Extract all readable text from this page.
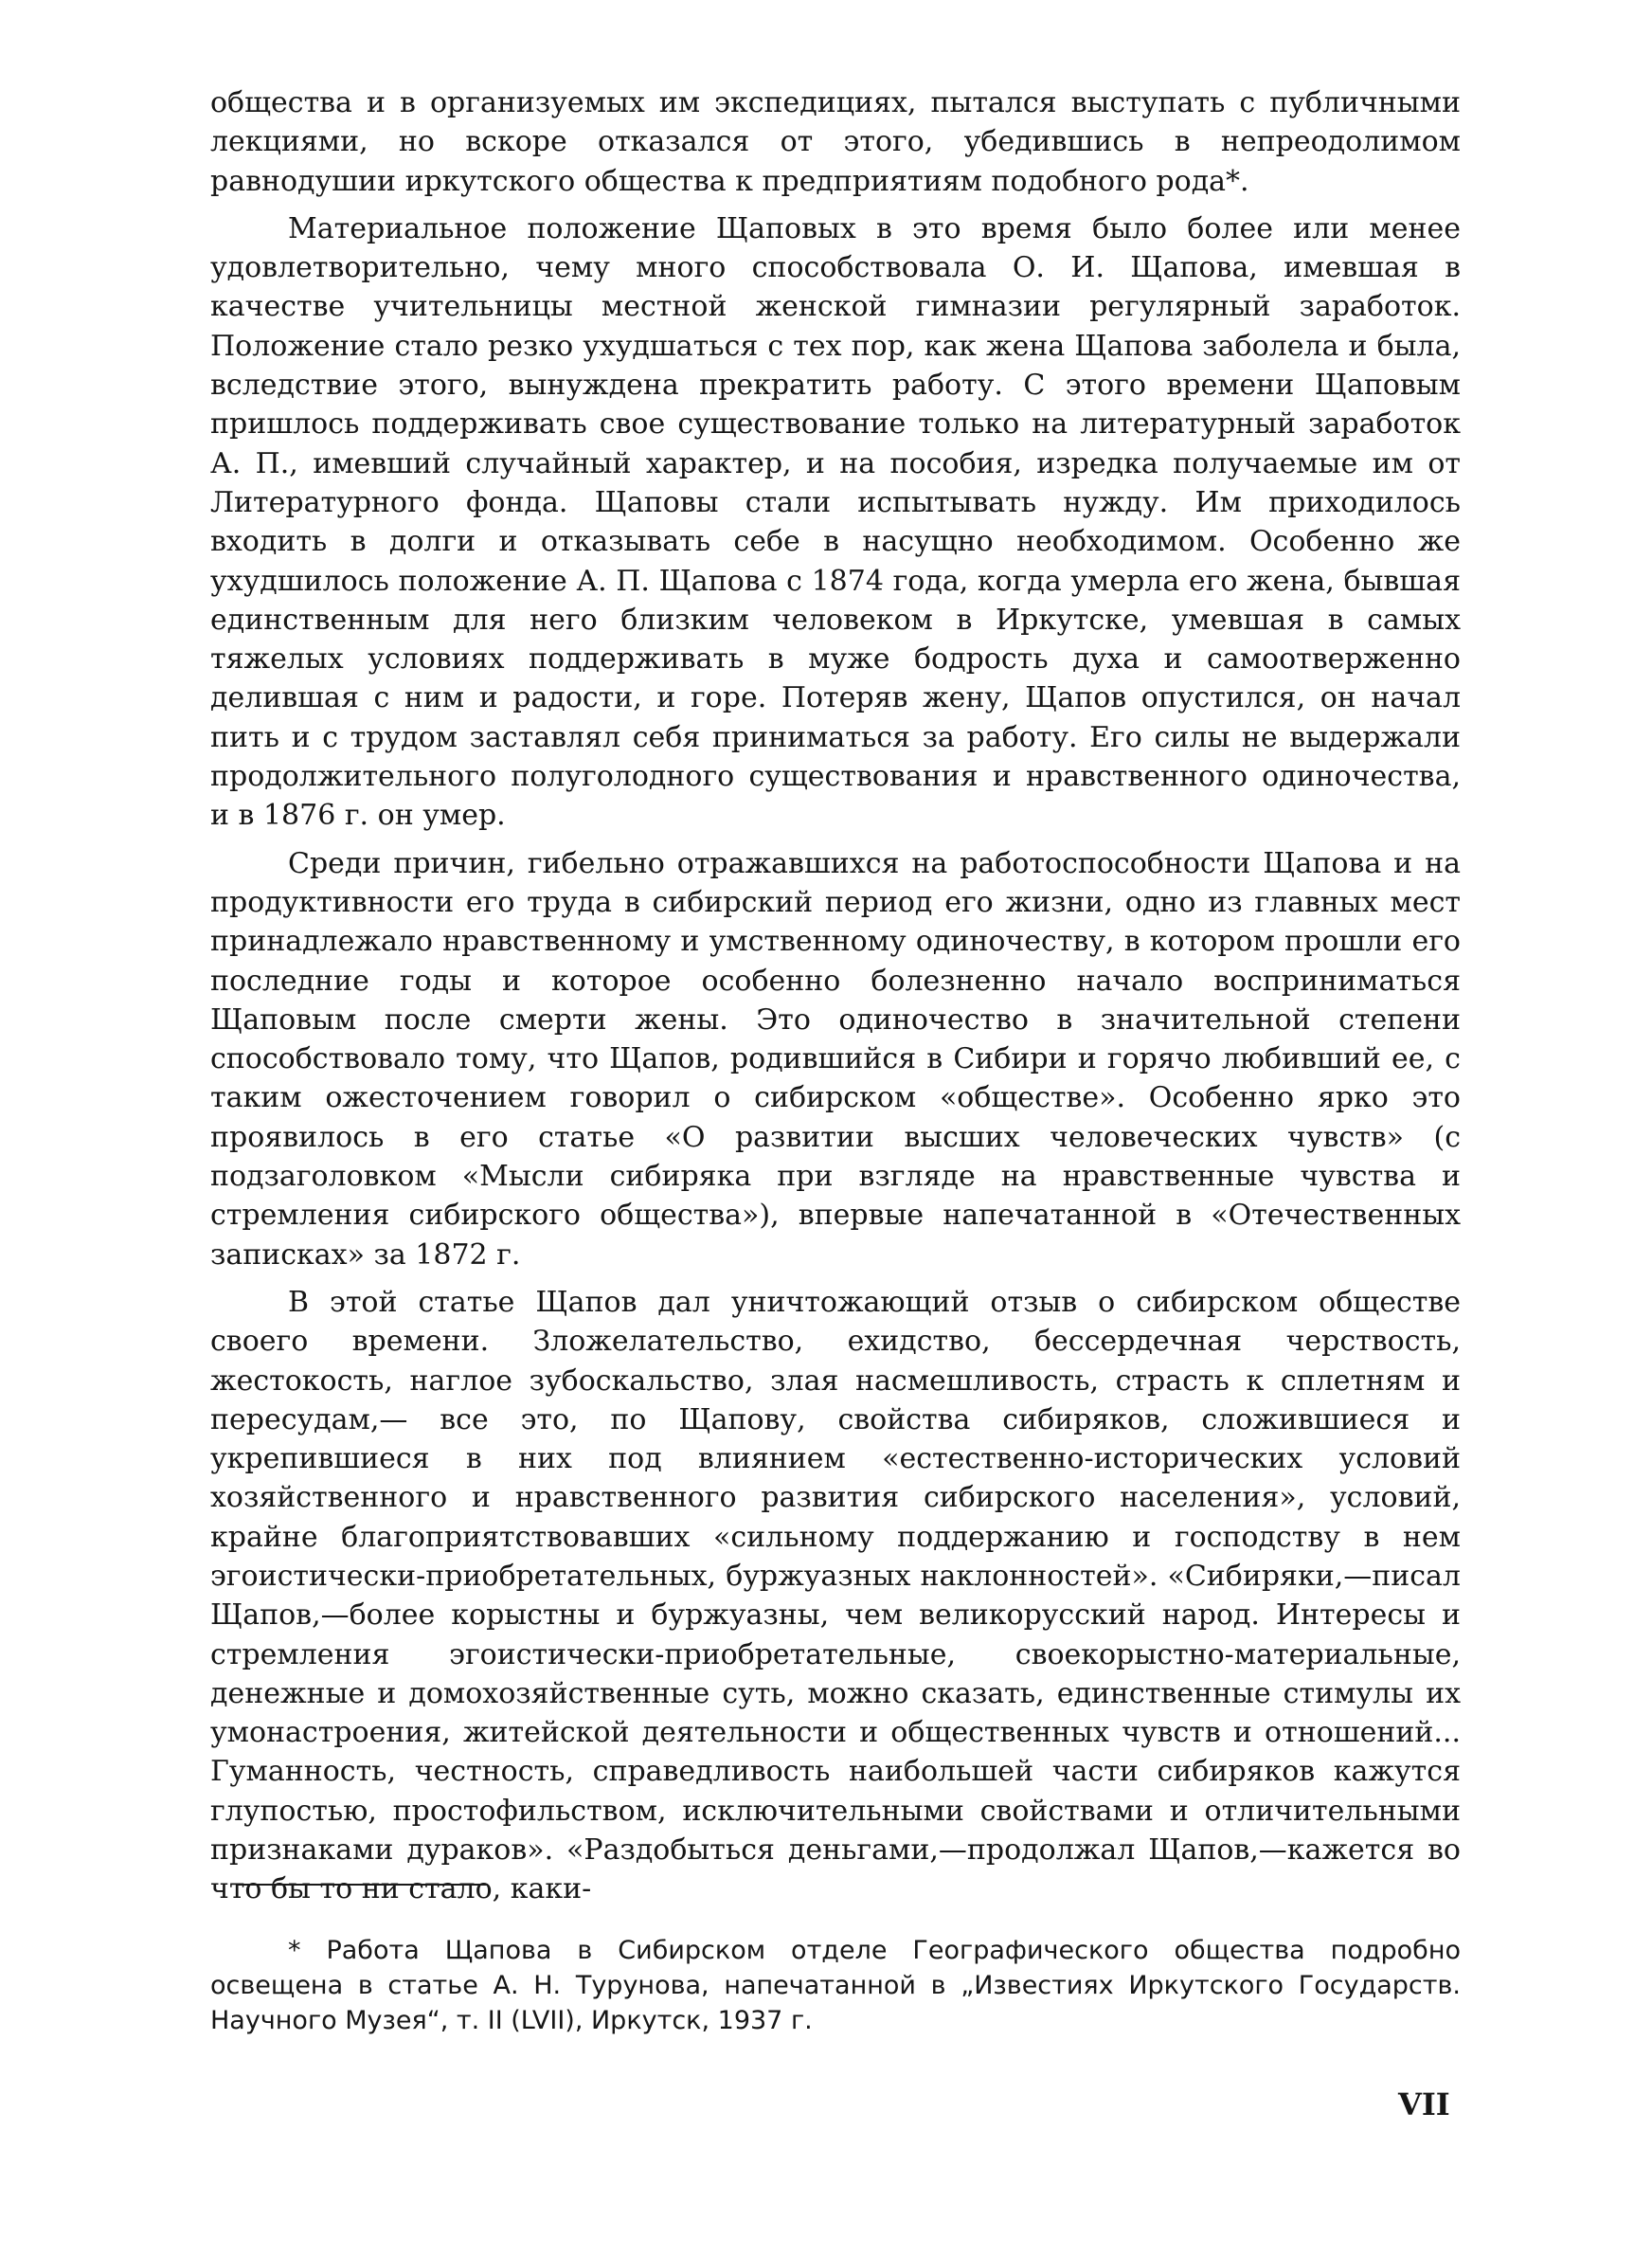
общества и в организуемых им экспедициях, пытался выступать с публичными лекциями, но вскоре отказался от этого, убедившись в непреодолимом равнодушии иркутского общества к предприятиям подобного рода*.

Материальное положение Щаповых в это время было более или менее удовлетворительно, чему много способствовала О. И. Щапова, имевшая в качестве учительницы местной женской гимназии регулярный заработок. Положение стало резко ухудшаться с тех пор, как жена Щапова заболела и была, вследствие этого, вынуждена прекратить работу. С этого времени Щаповым пришлось поддерживать свое существование только на литературный заработок А. П., имевший случайный характер, и на пособия, изредка получаемые им от Литературного фонда. Щаповы стали испытывать нужду. Им приходилось входить в долги и отказывать себе в насущно необходимом. Особенно же ухудшилось положение А. П. Щапова с 1874 года, когда умерла его жена, бывшая единственным для него близким человеком в Иркутске, умевшая в самых тяжелых условиях поддерживать в муже бодрость духа и самоотверженно делившая с ним и радости, и горе. Потеряв жену, Щапов опустился, он начал пить и с трудом заставлял себя приниматься за работу. Его силы не выдержали продолжительного полуголодного существования и нравственного одиночества, и в 1876 г. он умер.

Среди причин, гибельно отражавшихся на работоспособности Щапова и на продуктивности его труда в сибирский период его жизни, одно из главных мест принадлежало нравственному и умственному одиночеству, в котором прошли его последние годы и которое особенно болезненно начало восприниматься Щаповым после смерти жены. Это одиночество в значительной степени способствовало тому, что Щапов, родившийся в Сибири и горячо любивший ее, с таким ожесточением говорил о сибирском «обществе». Особенно ярко это проявилось в его статье «О развитии высших человеческих чувств» (с подзаголовком «Мысли сибиряка при взгляде на нравственные чувства и стремления сибирского общества»), впервые напечатанной в «Отечественных записках» за 1872 г.

В этой статье Щапов дал уничтожающий отзыв о сибирском обществе своего времени. Зложелательство, ехидство, бессердечная черствость, жестокость, наглое зубоскальство, злая насмешливость, страсть к сплетням и пересудам,— все это, по Щапову, свойства сибиряков, сложившиеся и укрепившиеся в них под влиянием «естественно-исторических условий хозяйственного и нравственного развития сибирского населения», условий, крайне благоприятствовавших «сильному поддержанию и господству в нем эгоистически-приобретательных, буржуазных наклонностей». «Сибиряки,—писал Щапов,—более корыстны и буржуазны, чем великорусский народ. Интересы и стремления эгоистически-приобретательные, своекорыстно-материальные, денежные и домохозяйственные суть, можно сказать, единственные стимулы их умонастроения, житейской деятельности и общественных чувств и отношений... Гуманность, честность, справедливость наибольшей части сибиряков кажутся глупостью, простофильством, исключительными свойствами и отличительными признаками дураков». «Раздобыться деньгами,—продолжал Щапов,—кажется во что бы то ни стало, каки-

* Работа Щапова в Сибирском отделе Географического общества подробно освещена в статье А. Н. Турунова, напечатанной в „Известиях Иркутского Государств. Научного Музея“, т. II (LVII), Иркутск, 1937 г.

VII
